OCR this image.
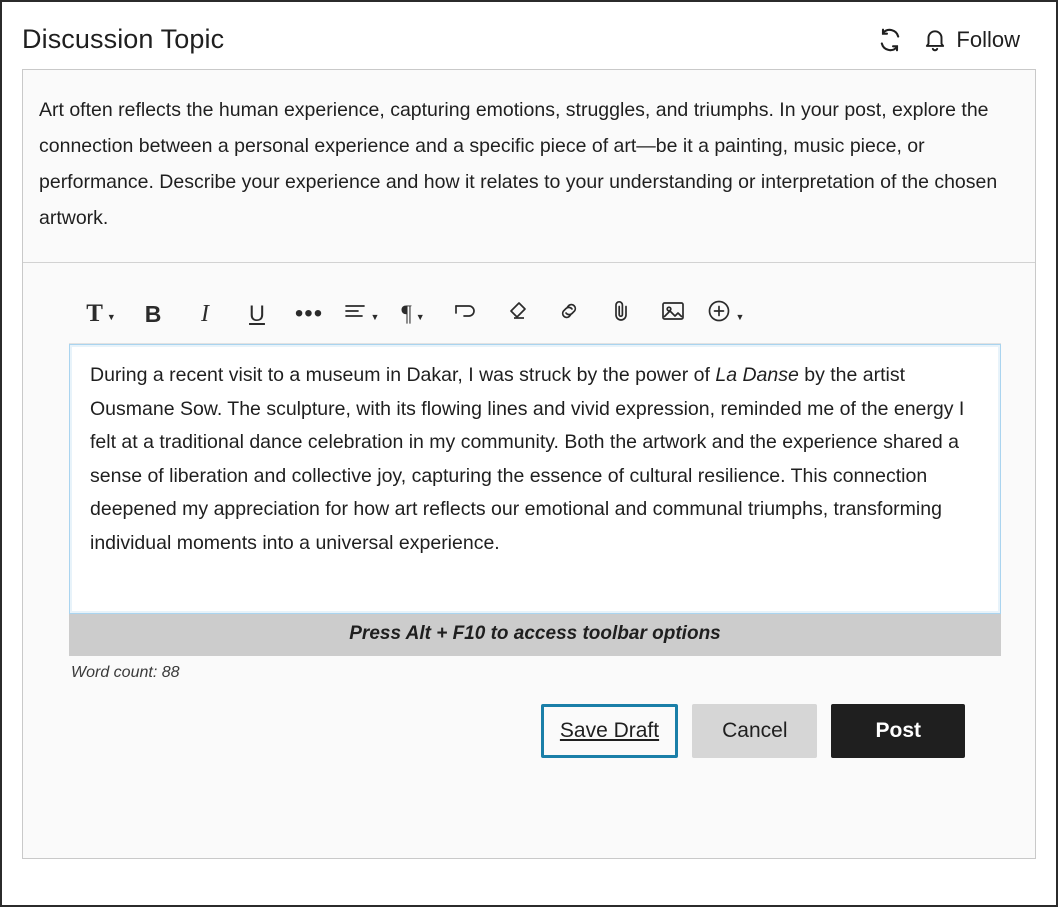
Discussion Topic	Follow
Art often reflects the human experience, capturing emotions, struggles, and triumphs. In your post, explore the connection between a personal experience and a specific piece of art—be it a painting, music piece, or performance. Describe your experience and how it relates to your understanding or interpretation of the chosen artwork.
T ▼ B I U •••	▼ ¶ ▼	▼
During a recent visit to a museum in Dakar, I was struck by the power of La Danse by the artist Ousmane Sow. The sculpture, with its flowing lines and vivid expression, reminded me of the energy I felt at a traditional dance celebration in my community. Both the artwork and the experience shared a sense of liberation and collective joy, capturing the essence of cultural resilience. This connection deepened my appreciation for how art reflects our emotional and communal triumphs, transforming individual moments into a universal experience.
Press Alt + F10 to access toolbar options
Word count: 88
Save Draft	Cancel	Post
